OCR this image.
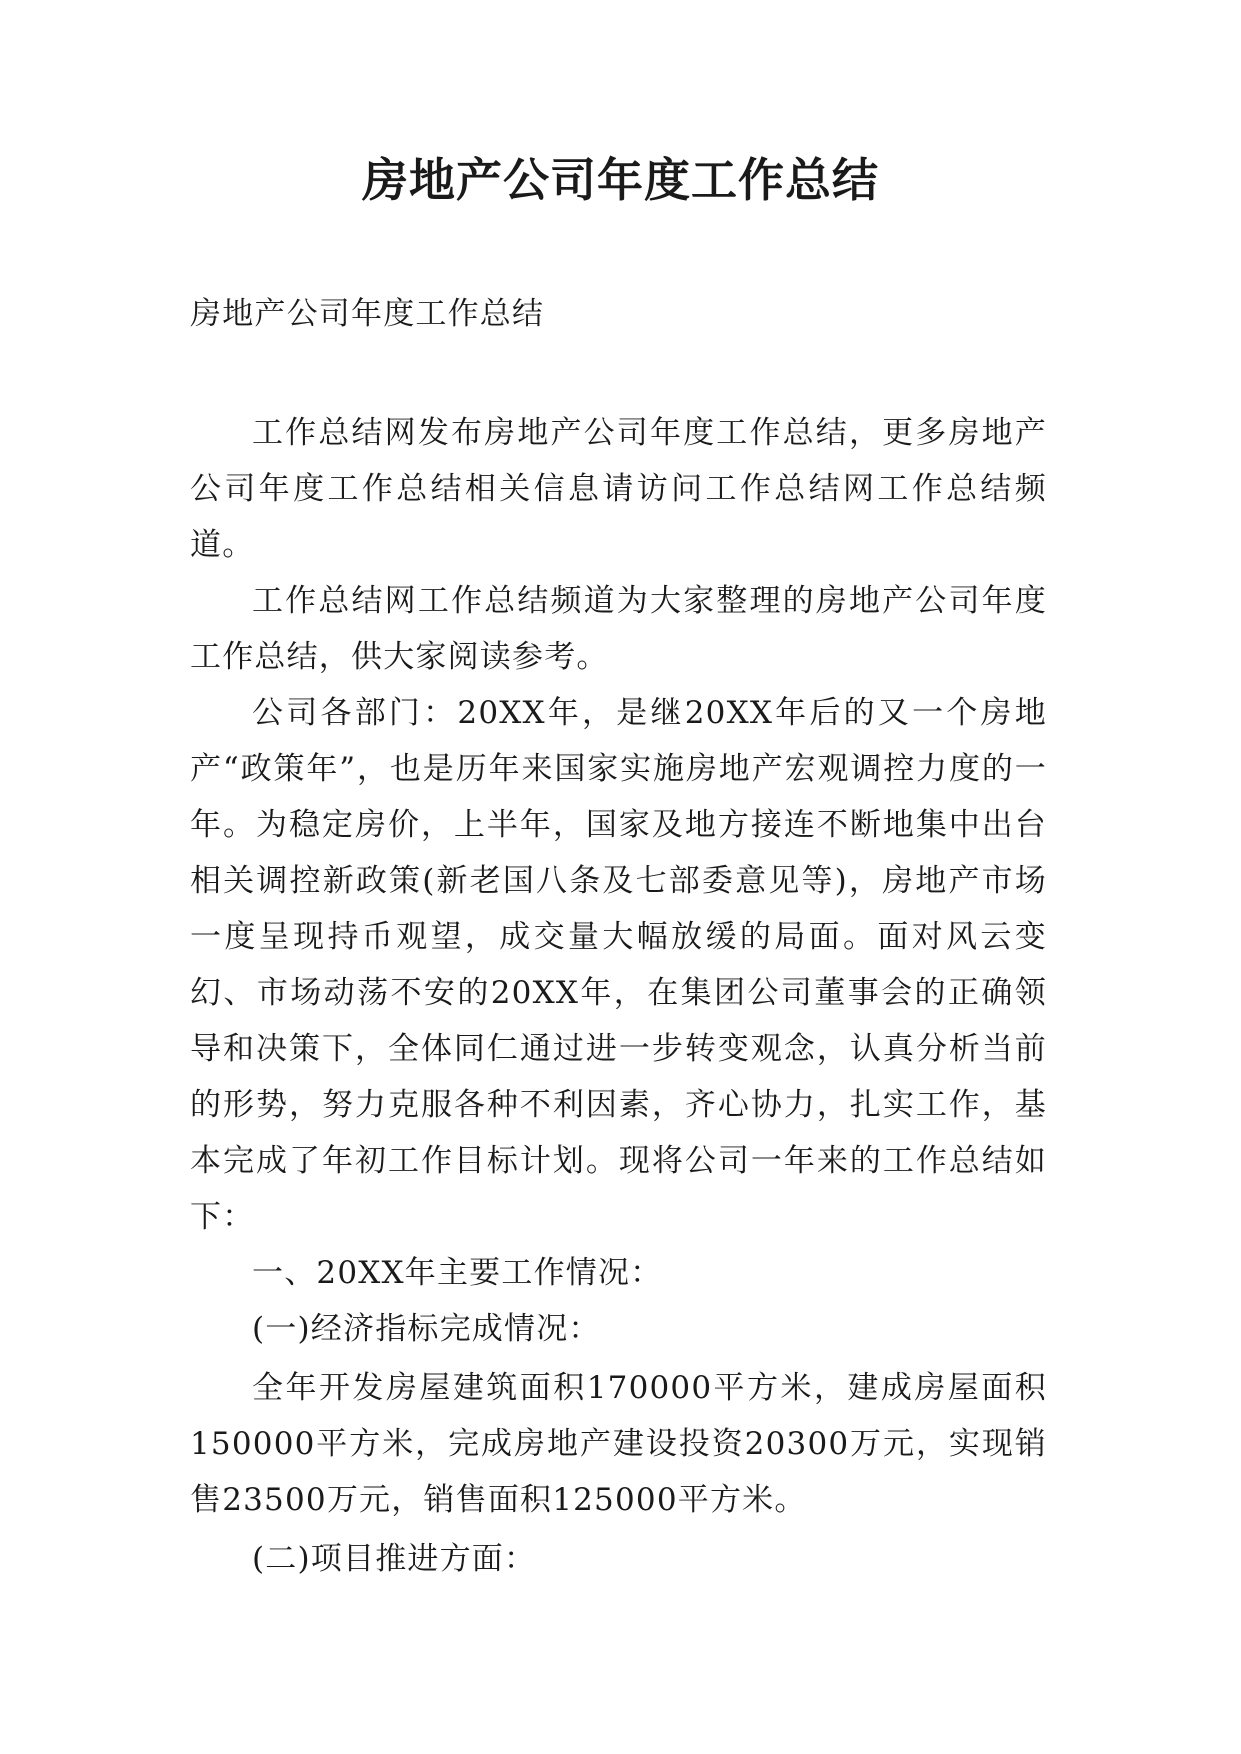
房地产公司年度工作总结
房地产公司年度工作总结

工作总结网发布房地产公司年度工作总结，更多房地产公司年度工作总结相关信息请访问工作总结网工作总结频道。

工作总结网工作总结频道为大家整理的房地产公司年度工作总结，供大家阅读参考。

公司各部门：20XX年，是继20XX年后的又一个房地产“政策年”，也是历年来国家实施房地产宏观调控力度的一年。为稳定房价，上半年，国家及地方接连不断地集中出台相关调控新政策(新老国八条及七部委意见等)，房地产市场一度呈现持币观望，成交量大幅放缓的局面。面对风云变幻、市场动荡不安的20XX年，在集团公司董事会的正确领导和决策下，全体同仁通过进一步转变观念，认真分析当前的形势，努力克服各种不利因素，齐心协力，扎实工作，基本完成了年初工作目标计划。现将公司一年来的工作总结如下：

一、20XX年主要工作情况：

(一)经济指标完成情况：

全年开发房屋建筑面积170000平方米，建成房屋面积150000平方米，完成房地产建设投资20300万元，实现销售23500万元，销售面积125000平方米。

(二)项目推进方面：
